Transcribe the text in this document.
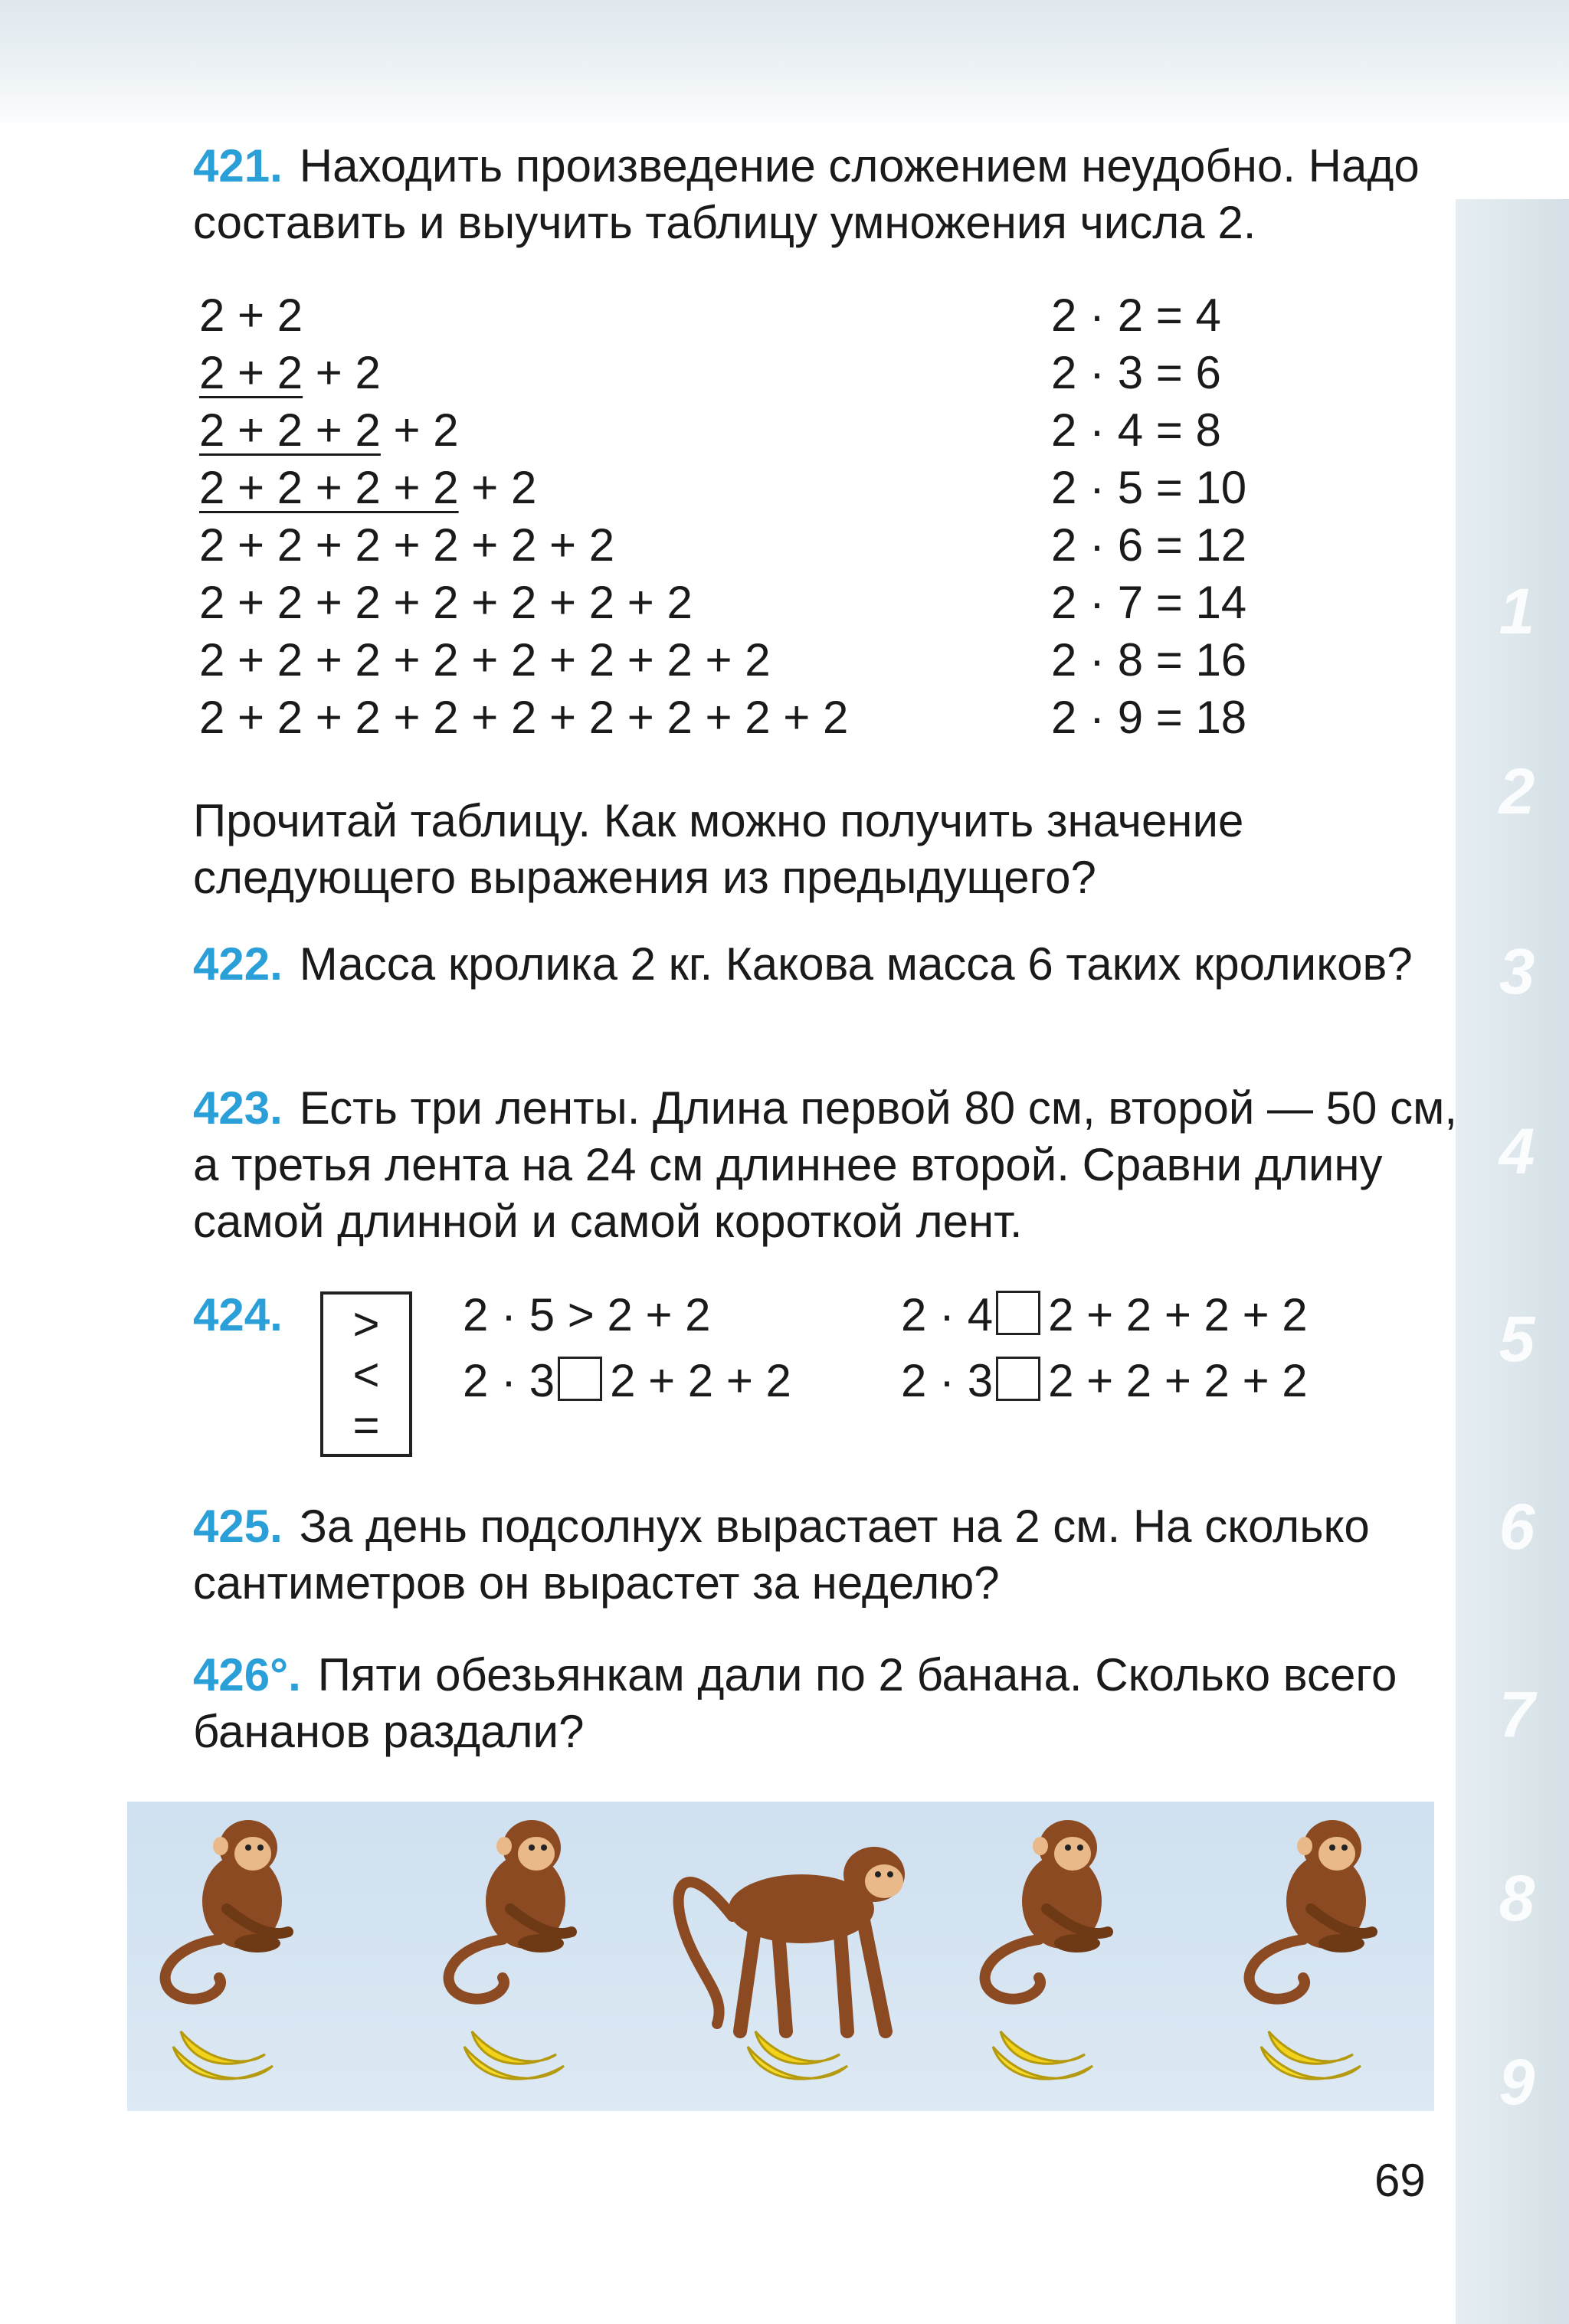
1
2
3
4
5
6
7
8
9

421. Находить произведение сложением неудобно. Надо составить и выучить таблицу умножения числа 2.

2 + 2
2 + 2 + 2
2 + 2 + 2 + 2
2 + 2 + 2 + 2 + 2
2 + 2 + 2 + 2 + 2 + 2
2 + 2 + 2 + 2 + 2 + 2 + 2
2 + 2 + 2 + 2 + 2 + 2 + 2 + 2
2 + 2 + 2 + 2 + 2 + 2 + 2 + 2 + 2
2 · 2 = 4
2 · 3 = 6
2 · 4 = 8
2 · 5 = 10
2 · 6 = 12
2 · 7 = 14
2 · 8 = 16
2 · 9 = 18

Прочитай таблицу. Как можно получить значение следующего выражения из предыдущего?

422. Масса кролика 2 кг. Какова масса 6 таких кроликов?

423. Есть три ленты. Длина первой 80 см, второй — 50 см, а третья лента на 24 см длиннее второй. Сравни длину самой длинной и самой короткой лент.

424.	>
<
=
2 · 5 > 2 + 2	2 · 4 2 + 2 + 2 + 2
2 · 3 2 + 2 + 2 2 · 3 2 + 2 + 2 + 2

425. За день подсолнух вырастает на 2 см. На сколько сантиметров он вырастет за неделю?

426°. Пяти обезьянкам дали по 2 банана. Сколько всего бананов раздали?

69
